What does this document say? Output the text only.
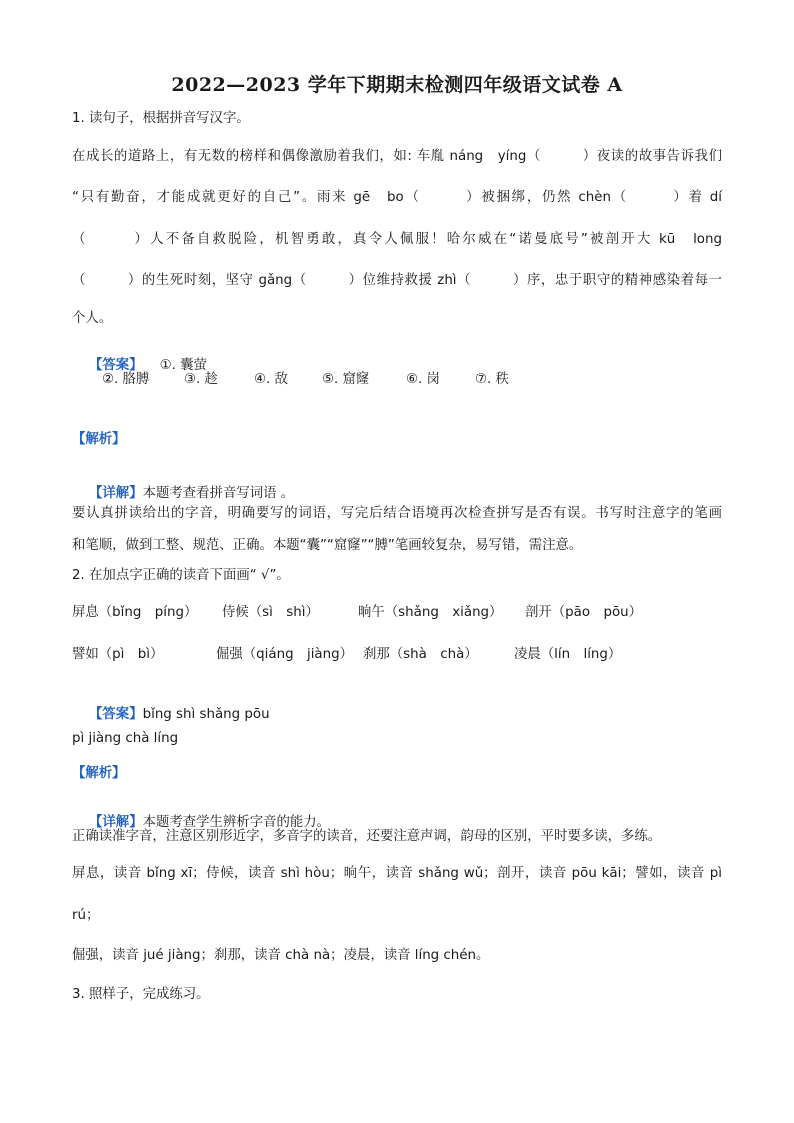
2022—2023 学年下期期末检测四年级语文试卷 A
1. 读句子，根据拼音写汉字。
在成长的道路上，有无数的榜样和偶像激励着我们，如: 车胤 náng　yíng（　　　）夜读的故事告诉我们
“只有勤奋，才能成就更好的自己”。雨来 gē　bo（　　　）被捆绑，仍然 chèn（　　　）着 dí
（　　　）人不备自救脱险，机智勇敢，真令人佩服！哈尔威在“诺曼底号”被剖开大 kū　long
（　　　）的生死时刻，坚守 gǎng（　　　）位维持救援 zhì（　　　）序，忠于职守的精神感染着每一
个人。

【答案】 ①. 囊萤

②. 胳膊

	③. 趁

	④. 敌

	⑤. 窟窿

	⑥. 岗

	⑦. 秩

【解析】

【详解】本题考查看拼音写词语 。

要认真拼读给出的字音，明确要写的词语，写完后结合语境再次检查拼写是否有误。书写时注意字的笔画
和笔顺，做到工整、规范、正确。本题“囊”“窟窿”“膊”笔画较复杂，易写错，需注意。
2. 在加点字正确的读音下面画“ √”。

屏息（bǐng　píng）

侍候（sì　shì）

	晌午（shǎng　xiǎng）

剖开（pāo　pōu）

譬如（pì　bì）

	倔强（qiáng　jiàng）

刹那（shà　chà）

	凌晨（lín　líng）

【答案】bǐng shì shǎng pōu

pì jiàng chà líng
【解析】

【详解】本题考查学生辨析字音的能力。

正确读准字音，注意区别形近字，多音字的读音，还要注意声调，韵母的区别，平时要多读，多练。
屏息，读音 bǐng xī；侍候，读音 shì hòu；晌午，读音 shǎng wǔ；剖开，读音 pōu kāi；譬如，读音 pì
rú；
倔强，读音 jué jiàng；刹那，读音 chà nà；凌晨，读音 líng chén。
3. 照样子，完成练习。
